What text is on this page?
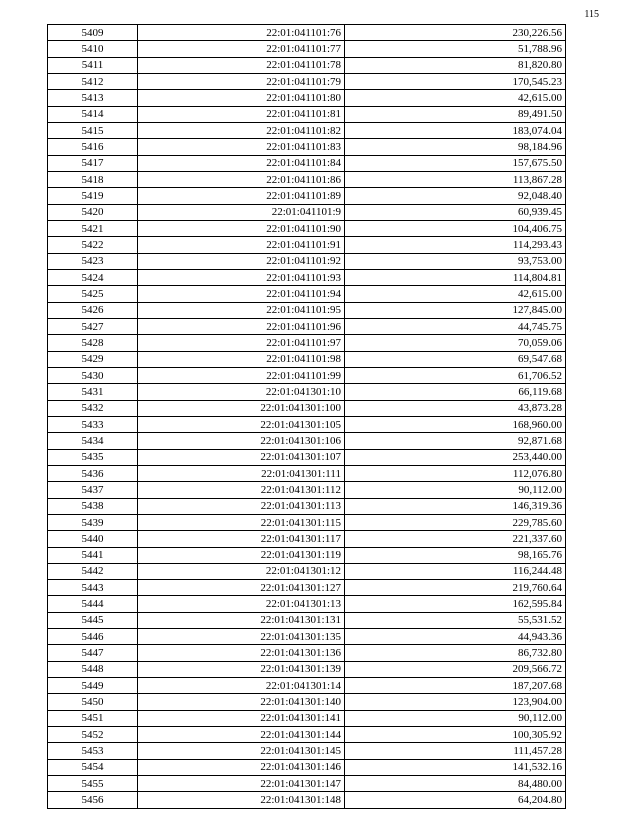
115
5409	22:01:041101:76	230,226.56
5410	22:01:041101:77	51,788.96
5411	22:01:041101:78	81,820.80
5412	22:01:041101:79	170,545.23
5413	22:01:041101:80	42,615.00
5414	22:01:041101:81	89,491.50
5415	22:01:041101:82	183,074.04
5416	22:01:041101:83	98,184.96
5417	22:01:041101:84	157,675.50
5418	22:01:041101:86	113,867.28
5419	22:01:041101:89	92,048.40
5420	22:01:041101:9	60,939.45
5421	22:01:041101:90	104,406.75
5422	22:01:041101:91	114,293.43
5423	22:01:041101:92	93,753.00
5424	22:01:041101:93	114,804.81
5425	22:01:041101:94	42,615.00
5426	22:01:041101:95	127,845.00
5427	22:01:041101:96	44,745.75
5428	22:01:041101:97	70,059.06
5429	22:01:041101:98	69,547.68
5430	22:01:041101:99	61,706.52
5431	22:01:041301:10	66,119.68
5432	22:01:041301:100	43,873.28
5433	22:01:041301:105	168,960.00
5434	22:01:041301:106	92,871.68
5435	22:01:041301:107	253,440.00
5436	22:01:041301:111	112,076.80
5437	22:01:041301:112	90,112.00
5438	22:01:041301:113	146,319.36
5439	22:01:041301:115	229,785.60
5440	22:01:041301:117	221,337.60
5441	22:01:041301:119	98,165.76
5442	22:01:041301:12	116,244.48
5443	22:01:041301:127	219,760.64
5444	22:01:041301:13	162,595.84
5445	22:01:041301:131	55,531.52
5446	22:01:041301:135	44,943.36
5447	22:01:041301:136	86,732.80
5448	22:01:041301:139	209,566.72
5449	22:01:041301:14	187,207.68
5450	22:01:041301:140	123,904.00
5451	22:01:041301:141	90,112.00
5452	22:01:041301:144	100,305.92
5453	22:01:041301:145	111,457.28
5454	22:01:041301:146	141,532.16
5455	22:01:041301:147	84,480.00
5456	22:01:041301:148	64,204.80
